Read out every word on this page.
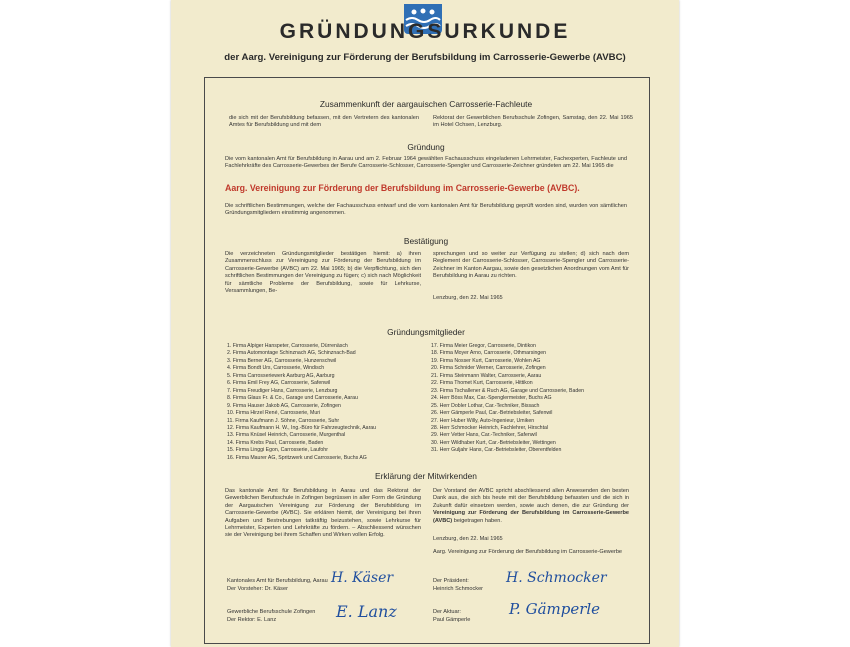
GRÜNDUNGSURKUNDE
der Aarg. Vereinigung zur Förderung der Berufsbildung im Carrosserie-Gewerbe (AVBC)
Zusammenkunft der aargauischen Carrosserie-Fachleute
die sich mit der Berufsbildung befassen, mit den Vertretern des kantonalen Amtes für Berufsbildung und mit dem
Rektorat der Gewerblichen Berufsschule Zofingen, Samstag, den 22. Mai 1965 im Hotel Ochsen, Lenzburg.
Gründung
Die vom kantonalen Amt für Berufsbildung in Aarau und am 2. Februar 1964 gewählten Fachausschuss eingeladenen Lehrmeister, Fachexperten, Fachleute und Fachlehrkräfte des Carrosserie-Gewerbes der Berufe Carrosserie-Schlosser, Carrosserie-Spengler und Carrosserie-Zeichner gründeten am 22. Mai 1965 die
Aarg. Vereinigung zur Förderung der Berufsbildung im Carrosserie-Gewerbe (AVBC).
Die schriftlichen Bestimmungen, welche der Fachausschuss entwarf und die vom kantonalen Amt für Berufsbildung geprüft worden sind, wurden von sämtlichen Gründungsmitgliedern einstimmig angenommen.
Bestätigung
Die verzeichneten Gründungsmitglieder bestätigen hiemit: a) ihren Zusammenschluss zur Vereinigung zur Förderung der Berufsbildung im Carrosserie-Gewerbe (AVBC) am 22. Mai 1965; b) die Verpflichtung, sich den schriftlichen Bestimmungen der Vereinigung zu fügen; c) sich nach Möglichkeit für sämtliche Probleme der Berufsbildung, sowie für Lehrkurse, Versammlungen, Be-
sprechungen und so weiter zur Verfügung zu stellen; d) sich nach dem Reglement der Carrosserie-Schlosser, Carrosserie-Spengler und Carrosserie-Zeichner im Kanton Aargau, sowie den gesetzlichen Anordnungen vom Amt für Berufsbildung in Aarau zu richten.
Lenzburg, den 22. Mai 1965
Gründungsmitglieder
1. Firma Alpiger Hanspeter, Carrosserie, Dürrenäsch
2. Firma Automontage Schinznach AG, Schinznach-Bad
3. Firma Berner AG, Carrosserie, Hunzenschwil
4. Firma Bondt Urs, Carrosserie, Windisch
5. Firma Carrosseriewerk Aarburg AG, Aarburg
6. Firma Emil Frey AG, Carrosserie, Safenwil
7. Firma Freudiger Hans, Carrosserie, Lenzburg
8. Firma Glaus Fr. & Co., Garage und Carrosserie, Aarau
9. Firma Hauser Jakob AG, Carrosserie, Zofingen
10. Firma Hirzel René, Carrosserie, Muri
11. Firma Kaufmann J. Söhne, Carrosserie, Suhr
12. Firma Kaufmann H. W., Ing.-Büro für Fahrzeugtechnik, Aarau
13. Firma Knüsel Heinrich, Carrosserie, Murgenthal
14. Firma Krebs Paul, Carrosserie, Baden
15. Firma Linggi Egon, Carrosserie, Laufohr
16. Firma Maurer AG, Spritzwerk und Carrosserie, Buchs AG
17. Firma Meier Gregor, Carrosserie, Dintikon
18. Firma Moyer Arno, Carrosserie, Othmarsingen
19. Firma Nosser Kurt, Carrosserie, Wohlen AG
20. Firma Schnider Werner, Carrosserie, Zofingen
21. Firma Steinmann Walter, Carrosserie, Aarau
22. Firma Thomet Kurt, Carrosserie, Hittikon
23. Firma Tschallener & Ruch AG, Garage und Carrosserie, Baden
24. Herr Böss Max, Car.-Spenglermeister, Buchs AG
25. Herr Dobler Lothar, Car.-Techniker, Bissach
26. Herr Gämperle Paul, Car.-Betriebsleiter, Safenwil
27. Herr Huber Willy, Auto-Ingenieur, Umiken
28. Herr Schmocker Heinrich, Fachlehrer, Hirschtal
29. Herr Vetter Hans, Car.-Techniker, Safenwil
30. Herr Wildhaber Kurt, Car.-Betriebsleiter, Wettingen
31. Herr Guljahr Hans, Car.-Betriebsleiter, Oberentfelden
Erklärung der Mitwirkenden
Das kantonale Amt für Berufsbildung in Aarau und das Rektorat der Gewerblichen Berufsschule in Zofingen begrüssen in aller Form die Gründung der Aargauischen Vereinigung zur Förderung der Berufsbildung im Carrosserie-Gewerbe (AVBC). Sie erklären hiemit, der Vereinigung bei ihren Aufgaben und Bestrebungen tatkräftig beizustehen, sowie Lehrkurse für Lehrmeister, Experten und Lehrkräfte zu fördern. – Abschliessend wünschen sie der Vereinigung bei ihrem Schaffen und Wirken vollen Erfolg.
Der Vorstand der AVBC spricht abschliessend allen Anwesenden den besten Dank aus, die sich bis heute mit der Berufsbildung befassten und die sich in Zukunft dafür einsetzen werden, sowie auch denen, die zur Gründung der Vereinigung zur Förderung der Berufsbildung im Carrosserie-Gewerbe (AVBC) beigetragen haben.
Lenzburg, den 22. Mai 1965
Aarg. Vereinigung zur Förderung der Berufsbildung im Carrosserie-Gewerbe
Kantonales Amt für Berufsbildung, Aarau
Der Vorsteher: Dr. Käser
H. Käser
Gewerbliche Berufsschule Zofingen
Der Rektor: E. Lanz	E. Lanz
Der Präsident:
Heinrich Schmocker
H. Schmocker
Der Aktuar:
Paul Gämperle
P. Gämperle
